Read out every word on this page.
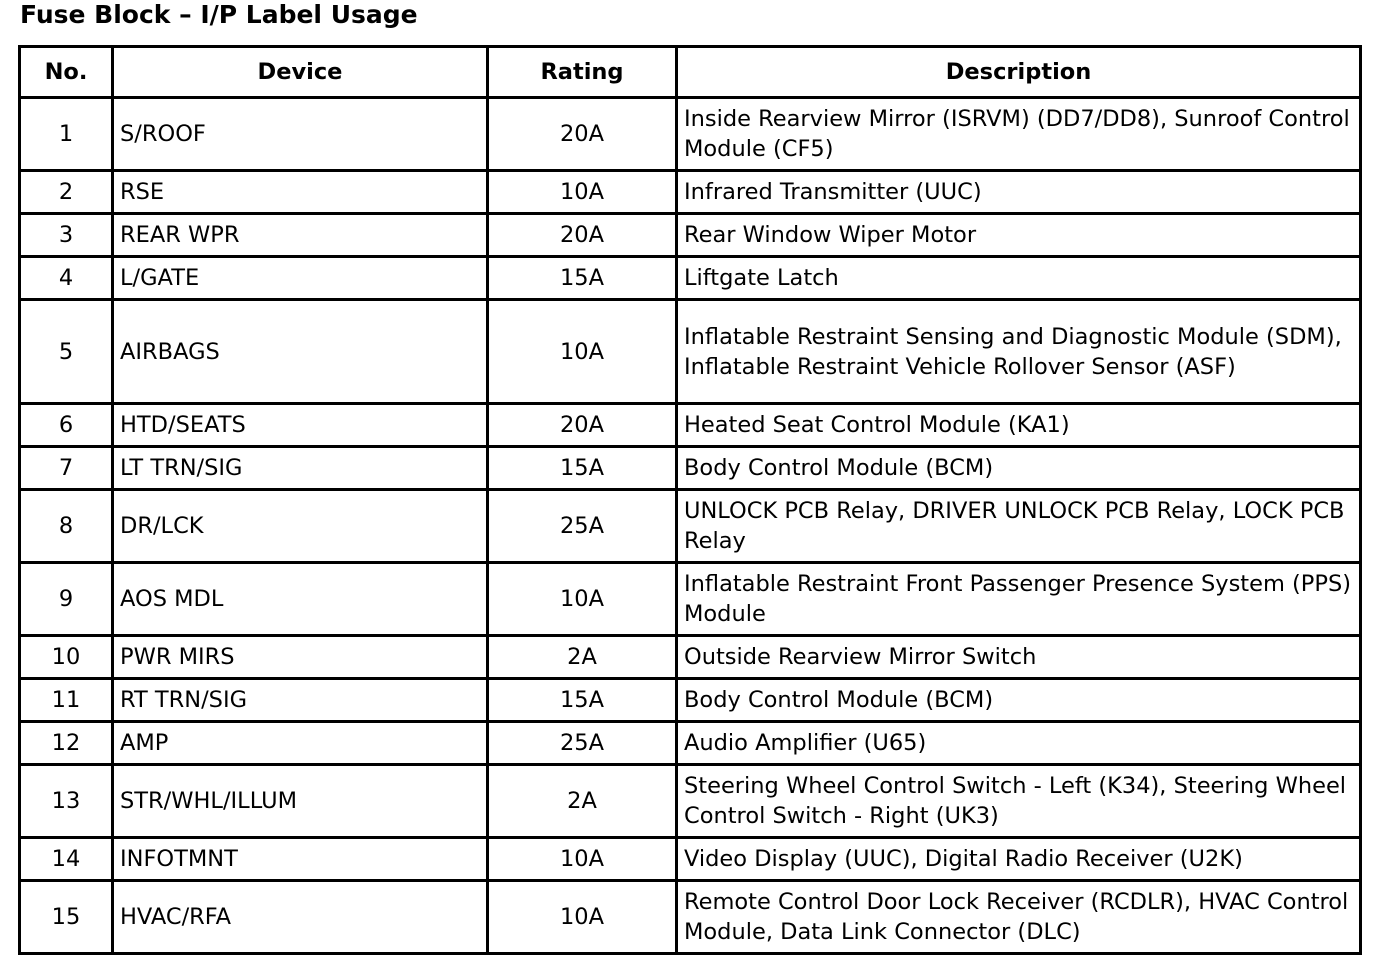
Fuse Block – I/P Label Usage
No.	Device	Rating	Description
1	S/ROOF	20A	Inside Rearview Mirror (ISRVM) (DD7/DD8), Sunroof Control Module (CF5)
2	RSE	10A	Infrared Transmitter (UUC)
3	REAR WPR	20A	Rear Window Wiper Motor
4	L/GATE	15A	Liftgate Latch
5	AIRBAGS	10A	Inflatable Restraint Sensing and Diagnostic Module (SDM), Inflatable Restraint Vehicle Rollover Sensor (ASF)
6	HTD/SEATS	20A	Heated Seat Control Module (KA1)
7	LT TRN/SIG	15A	Body Control Module (BCM)
8	DR/LCK	25A	UNLOCK PCB Relay, DRIVER UNLOCK PCB Relay, LOCK PCB Relay
9	AOS MDL	10A	Inflatable Restraint Front Passenger Presence System (PPS) Module
10	PWR MIRS	2A	Outside Rearview Mirror Switch
11	RT TRN/SIG	15A	Body Control Module (BCM)
12	AMP	25A	Audio Amplifier (U65)
13	STR/WHL/ILLUM	2A	Steering Wheel Control Switch - Left (K34), Steering Wheel Control Switch - Right (UK3)
14	INFOTMNT	10A	Video Display (UUC), Digital Radio Receiver (U2K)
15	HVAC/RFA	10A	Remote Control Door Lock Receiver (RCDLR), HVAC Control Module, Data Link Connector (DLC)
